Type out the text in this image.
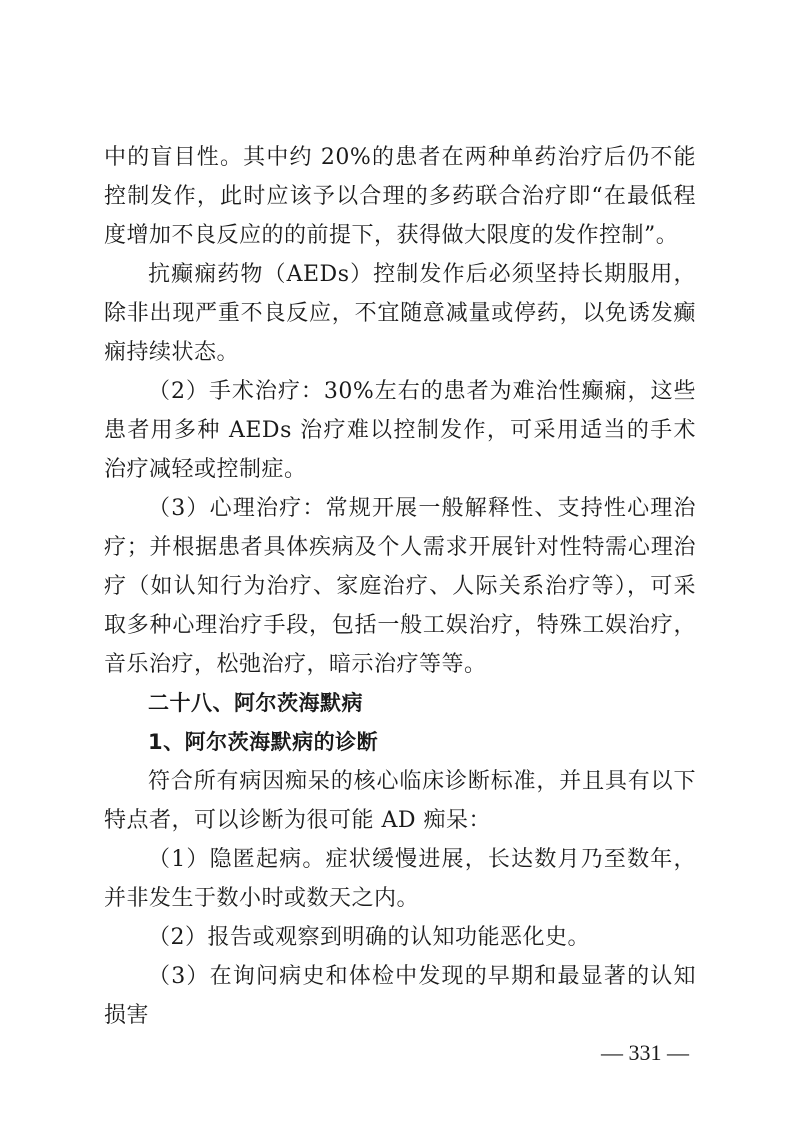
中的盲目性。其中约 20%的患者在两种单药治疗后仍不能控制发作，此时应该予以合理的多药联合治疗即“在最低程度增加不良反应的的前提下，获得做大限度的发作控制”。

抗癫痫药物（AEDs）控制发作后必须坚持长期服用，除非出现严重不良反应，不宜随意减量或停药，以免诱发癫痫持续状态。

（2）手术治疗：30%左右的患者为难治性癫痫，这些患者用多种 AEDs 治疗难以控制发作，可采用适当的手术治疗减轻或控制症。

（3）心理治疗：常规开展一般解释性、支持性心理治疗；并根据患者具体疾病及个人需求开展针对性特需心理治疗（如认知行为治疗、家庭治疗、人际关系治疗等），可采取多种心理治疗手段，包括一般工娱治疗，特殊工娱治疗，音乐治疗，松弛治疗，暗示治疗等等。

二十八、阿尔茨海默病

1、阿尔茨海默病的诊断

符合所有病因痴呆的核心临床诊断标准，并且具有以下特点者，可以诊断为很可能 AD 痴呆：

（1）隐匿起病。症状缓慢进展，长达数月乃至数年，并非发生于数小时或数天之内。

（2）报告或观察到明确的认知功能恶化史。

（3）在询问病史和体检中发现的早期和最显著的认知损害

— 331 —
